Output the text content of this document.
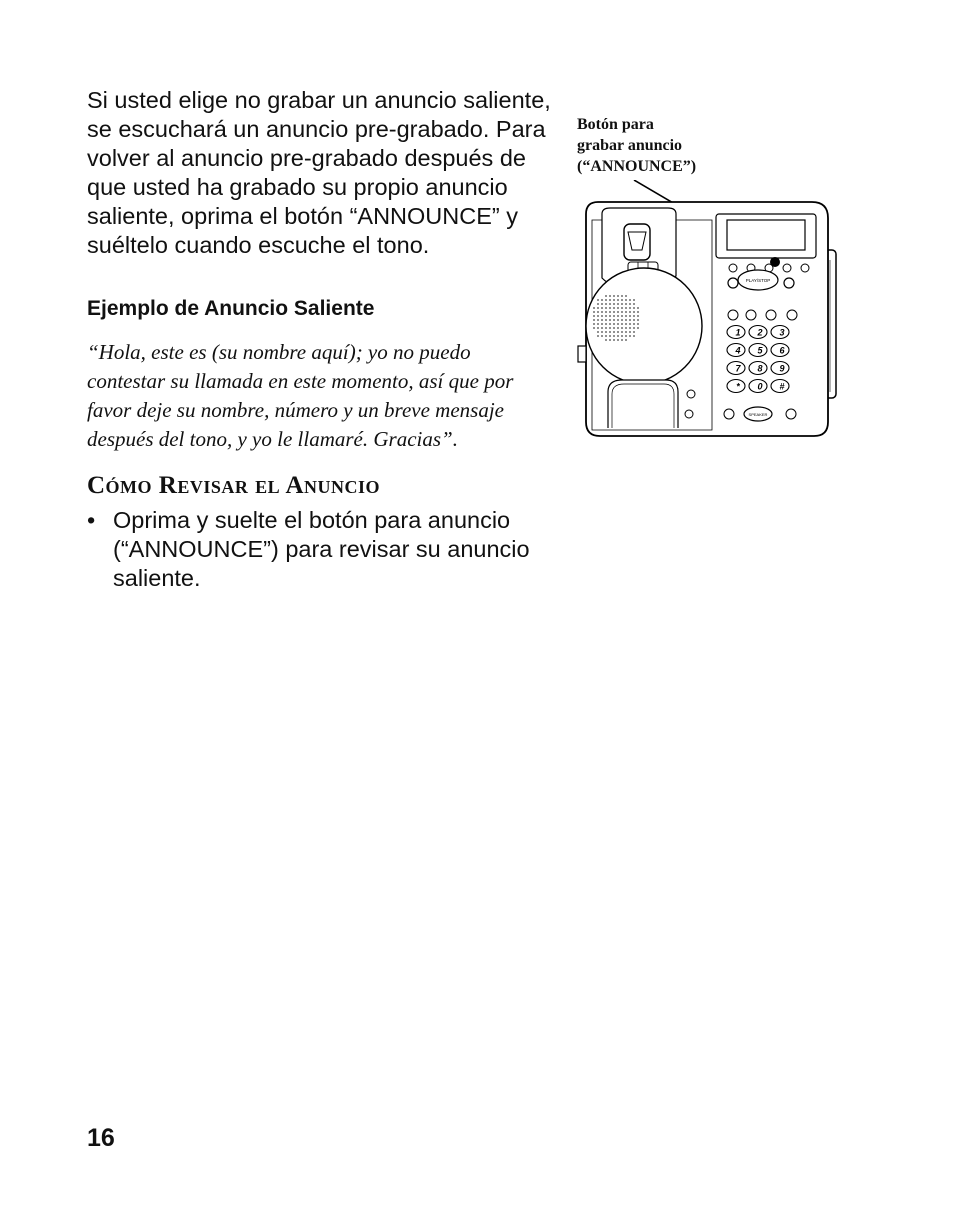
Si usted elige no grabar un anuncio saliente, se escuchará un anuncio pre-grabado. Para volver al anuncio pre-grabado después de que usted ha grabado su propio anuncio saliente, oprima el botón “ANNOUNCE” y suéltelo cuando escuche el tono.

Ejemplo de Anuncio Saliente

“Hola, este es (su nombre aquí); yo no puedo contestar su llamada en este momento, así que por favor deje su nombre, número y un breve mensaje después del tono, y yo le llamaré. Gracias”.

Cómo Revisar el Anuncio
• Oprima y suelte el botón para anuncio (“ANNOUNCE”) para revisar su anuncio saliente.
Botón para
grabar anuncio
(“ANNOUNCE”)
PLAY/STOP
1 2 3
4 5 6
7 8 9
* 0 #
SPEAKER
16
